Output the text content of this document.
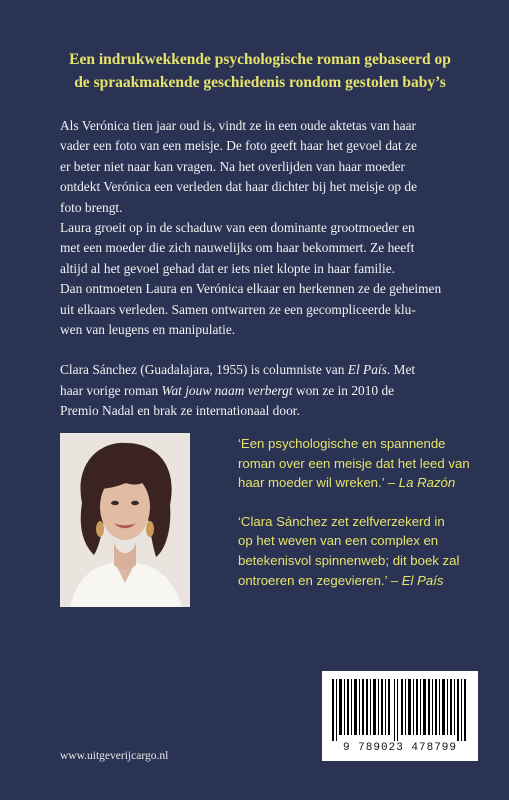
Een indrukwekkende psychologische roman gebaseerd op
de spraakmakende geschiedenis rondom gestolen baby’s
Als Verónica tien jaar oud is, vindt ze in een oude aktetas van haar
vader een foto van een meisje. De foto geeft haar het gevoel dat ze
er beter niet naar kan vragen. Na het overlijden van haar moeder
ontdekt Verónica een verleden dat haar dichter bij het meisje op de
foto brengt.
Laura groeit op in de schaduw van een dominante grootmoeder en
met een moeder die zich nauwelijks om haar bekommert. Ze heeft
altijd al het gevoel gehad dat er iets niet klopte in haar familie.
Dan ontmoeten Laura en Verónica elkaar en herkennen ze de geheimen
uit elkaars verleden. Samen ontwarren ze een gecompliceerde klu-
wen van leugens en manipulatie.
Clara Sánchez (Guadalajara, 1955) is columniste van El País. Met
haar vorige roman Wat jouw naam verbergt won ze in 2010 de
Premio Nadal en brak ze internationaal door.
‘Een psychologische en spannende
roman over een meisje dat het leed van
haar moeder wil wreken.’ – La Razón
‘Clara Sánchez zet zelfverzekerd in
op het weven van een complex en
betekenisvol spinnenweb; dit boek zal
ontroeren en zegevieren.’ – El País
9 789023 478799
www.uitgeverijcargo.nl
